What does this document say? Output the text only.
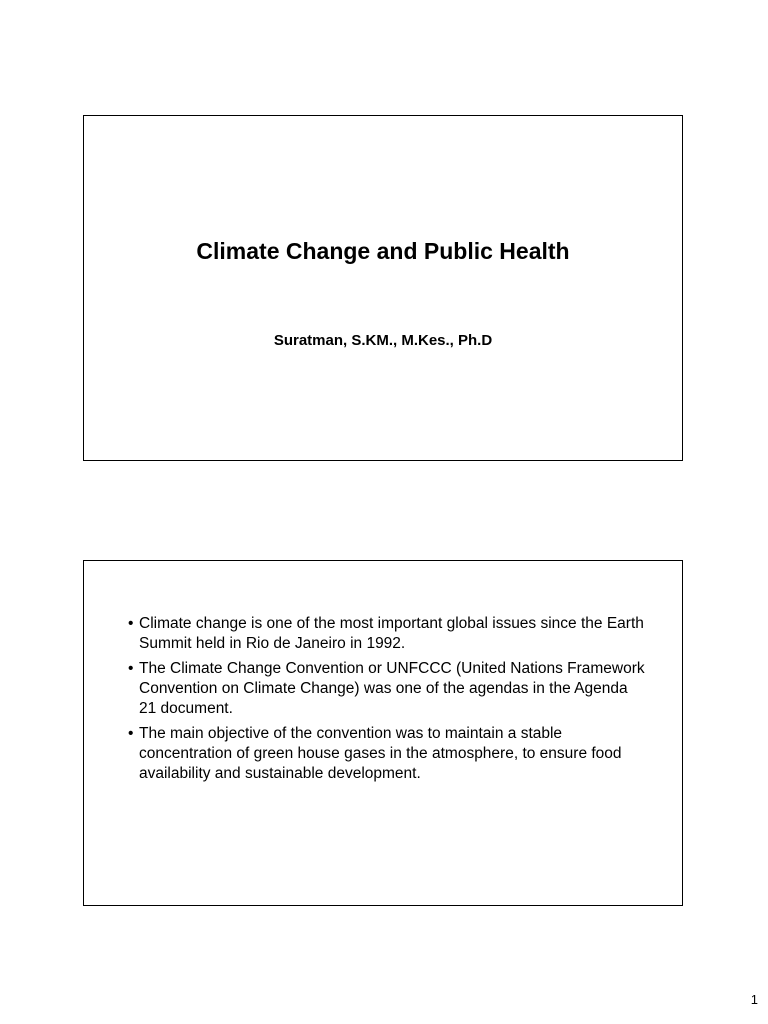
Climate Change and Public Health

Suratman, S.KM., M.Kes., Ph.D

• Climate change is one of the most important global issues since the Earth Summit held in Rio de Janeiro in 1992.
• The Climate Change Convention or UNFCCC (United Nations Framework Convention on Climate Change) was one of the agendas in the Agenda 21 document.
• The main objective of the convention was to maintain a stable concentration of green house gases in the atmosphere, to ensure food availability and sustainable development.
1
